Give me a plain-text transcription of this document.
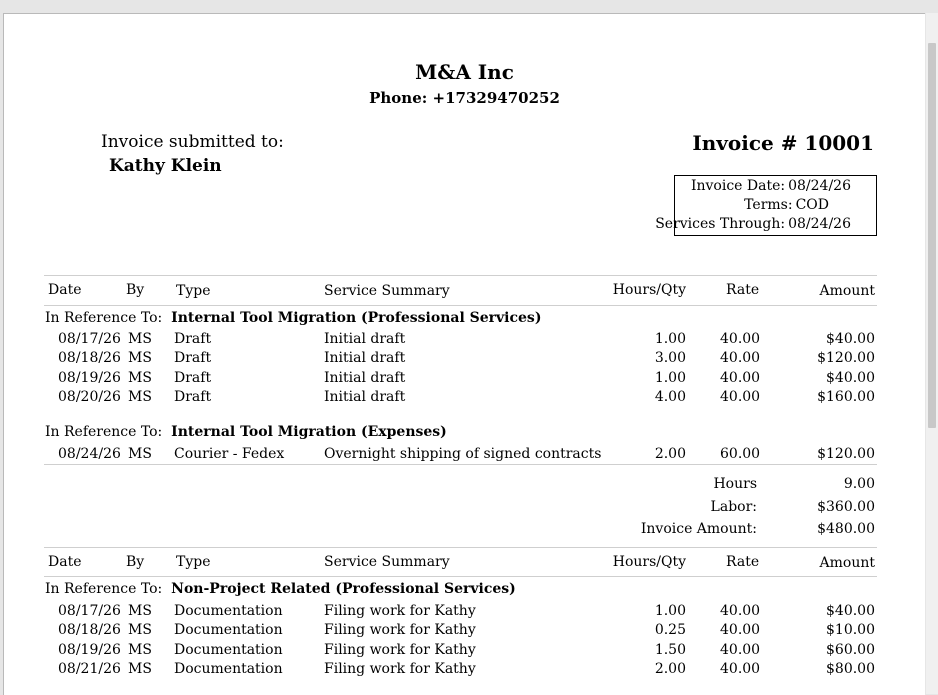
M&A Inc
Phone: +17329470252
Invoice submitted to:
Kathy Klein
Invoice # 10001
Invoice Date: 08/24/26
Terms: COD
Services Through: 08/24/26
Date	By Type	Service Summary	Hours/Qty	Rate	Amount
In Reference To: Internal Tool Migration (Professional Services)
08/17/26 MS Draft	Initial draft	1.00 40.00	$40.00
08/18/26 MS Draft	Initial draft	3.00 40.00	$120.00
08/19/26 MS Draft	Initial draft	1.00 40.00	$40.00
08/20/26 MS Draft	Initial draft	4.00 40.00	$160.00
In Reference To: Internal Tool Migration (Expenses)
08/24/26 MS Courier - Fedex	Overnight shipping of signed contracts	2.00 60.00	$120.00
Hours	9.00
Labor:	$360.00
Invoice Amount:	$480.00
Date	By Type	Service Summary	Hours/Qty	Rate	Amount
In Reference To: Non-Project Related (Professional Services)
08/17/26 MS Documentation	Filing work for Kathy	1.00 40.00	$40.00
08/18/26 MS Documentation	Filing work for Kathy	0.25 40.00	$10.00
08/19/26 MS Documentation	Filing work for Kathy	1.50 40.00	$60.00
08/21/26 MS Documentation	Filing work for Kathy	2.00 40.00	$80.00
